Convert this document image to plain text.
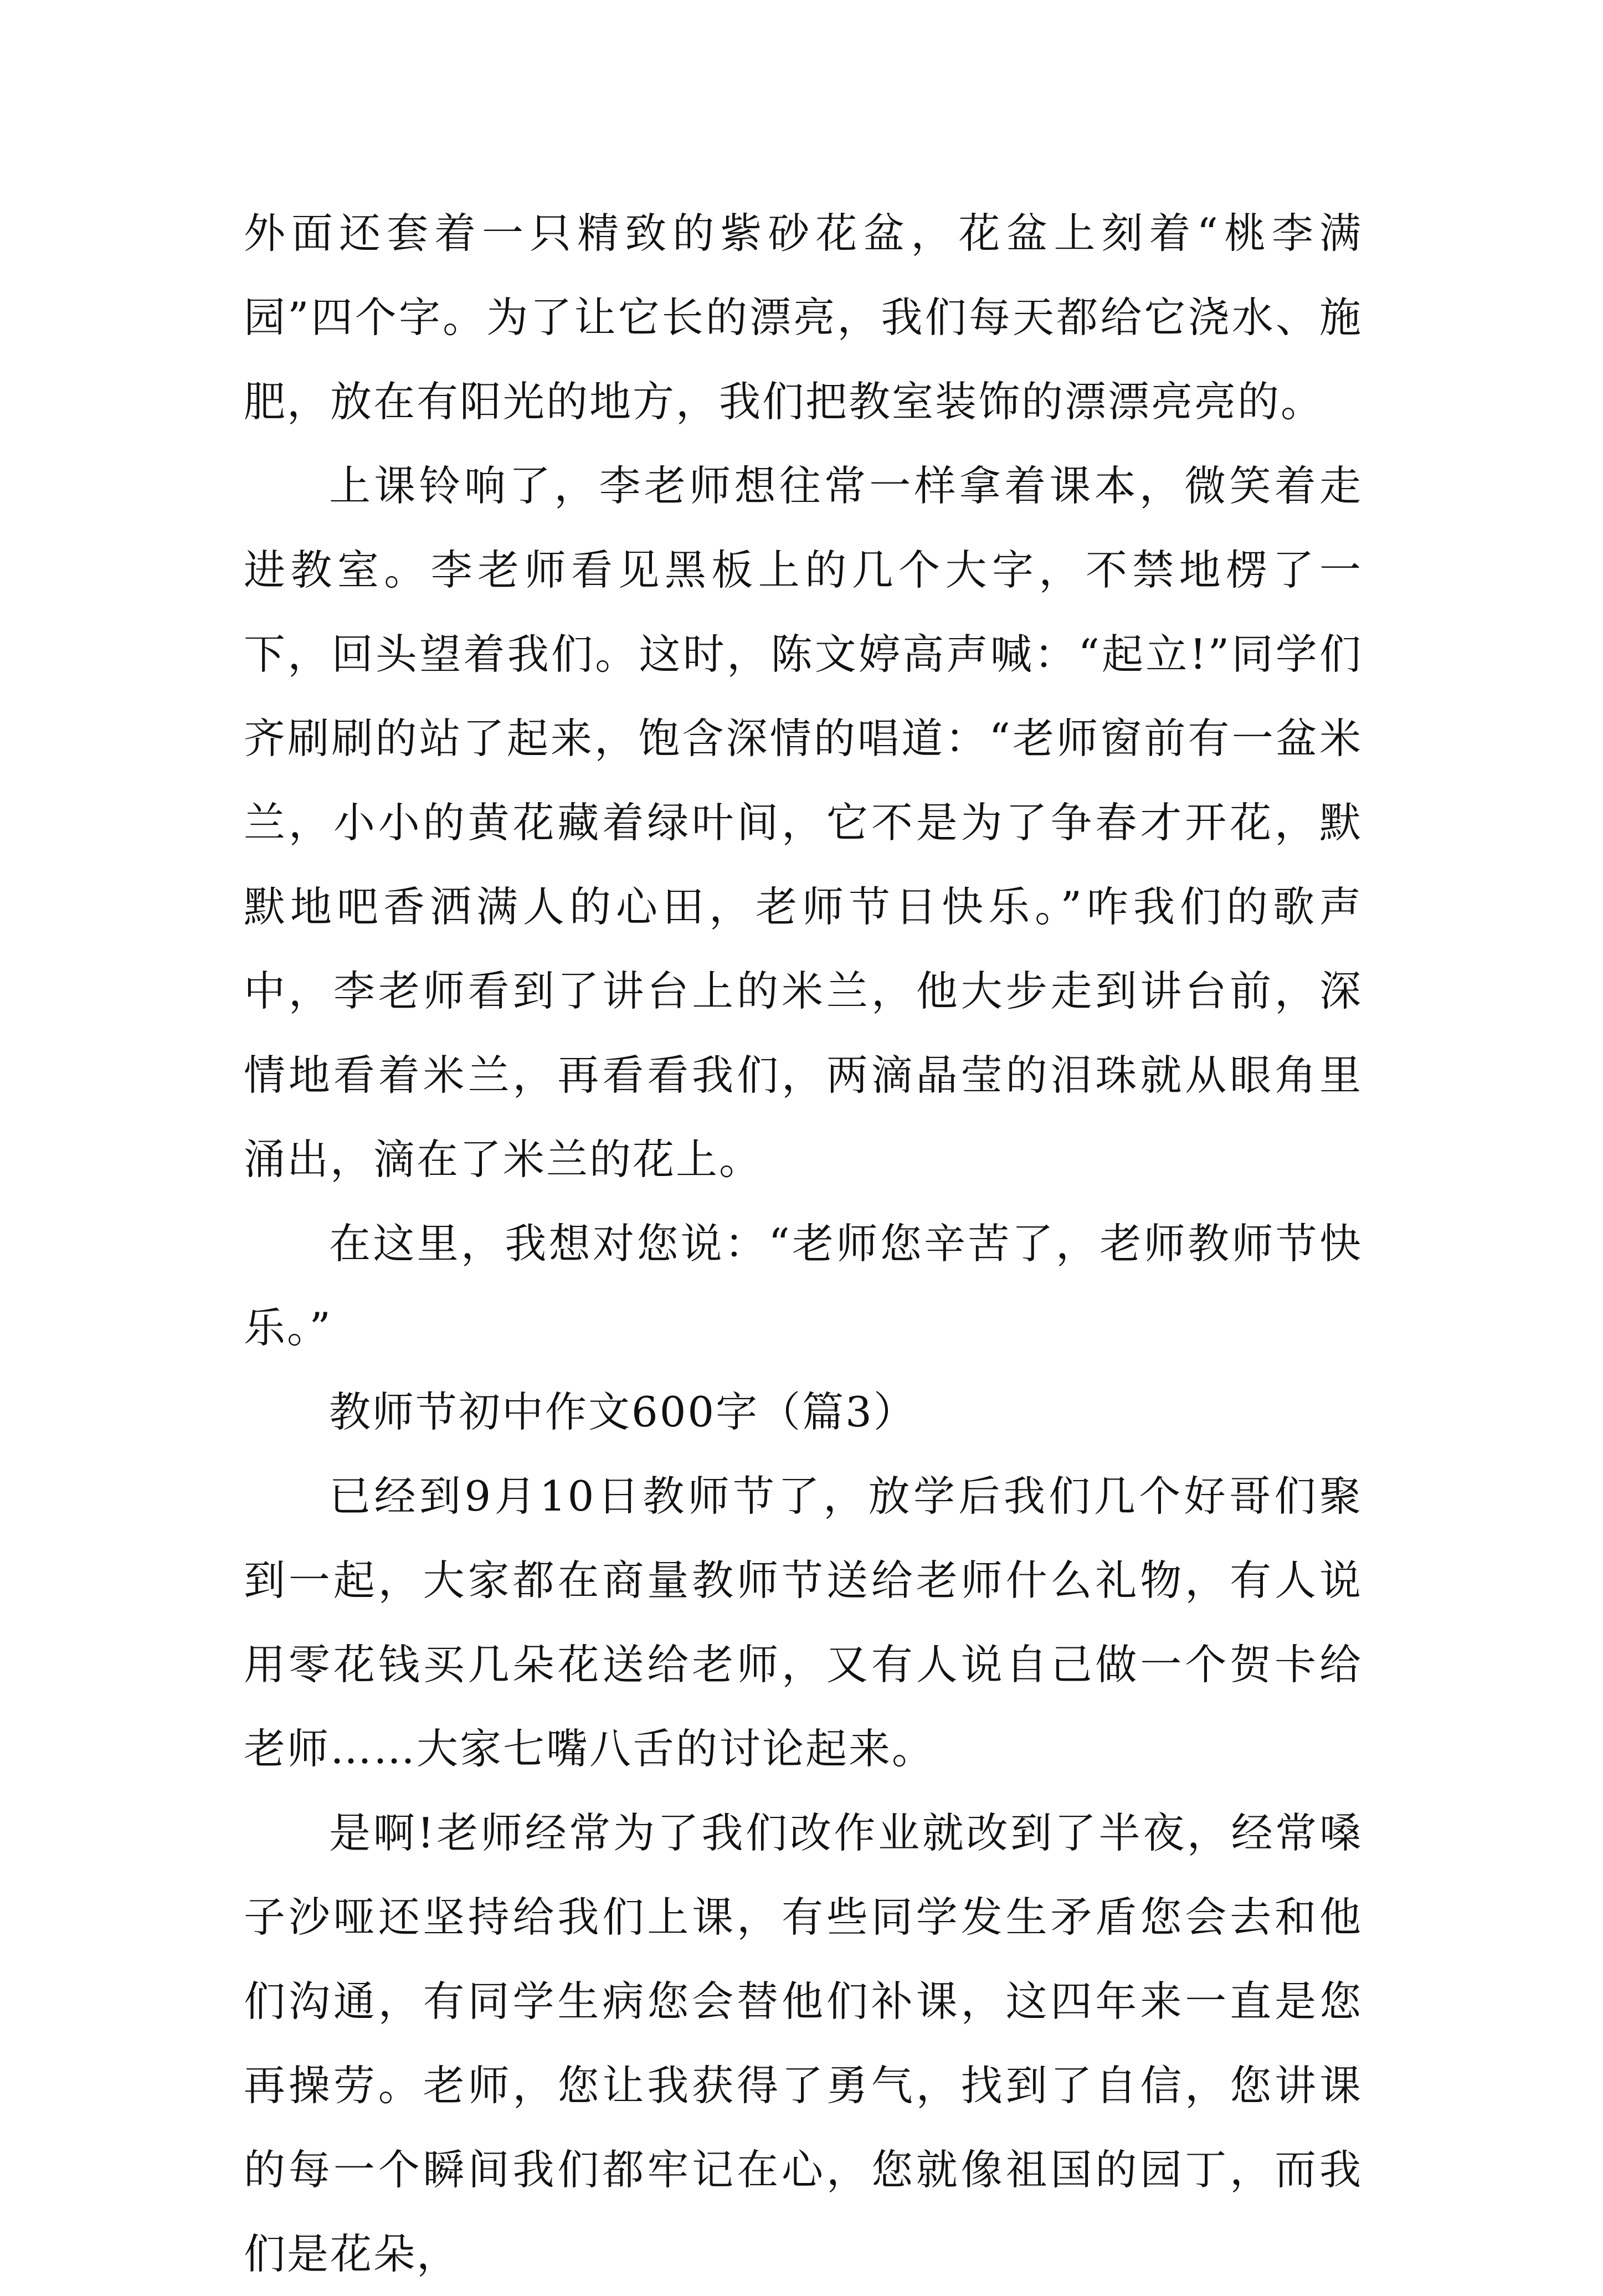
外面还套着一只精致的紫砂花盆，花盆上刻着“桃李满园”四个字。为了让它长的漂亮，我们每天都给它浇水、施肥，放在有阳光的地方，我们把教室装饰的漂漂亮亮的。

上课铃响了，李老师想往常一样拿着课本，微笑着走进教室。李老师看见黑板上的几个大字，不禁地楞了一下，回头望着我们。这时，陈文婷高声喊：“起立!”同学们齐刷刷的站了起来，饱含深情的唱道：“老师窗前有一盆米兰，小小的黄花藏着绿叶间，它不是为了争春才开花，默默地吧香洒满人的心田，老师节日快乐。”咋我们的歌声中，李老师看到了讲台上的米兰，他大步走到讲台前，深情地看着米兰，再看看我们，两滴晶莹的泪珠就从眼角里涌出，滴在了米兰的花上。

在这里，我想对您说：“老师您辛苦了，老师教师节快乐。”

教师节初中作文600字（篇3）

已经到9月10日教师节了，放学后我们几个好哥们聚到一起，大家都在商量教师节送给老师什么礼物，有人说用零花钱买几朵花送给老师，又有人说自己做一个贺卡给老师……大家七嘴八舌的讨论起来。

是啊!老师经常为了我们改作业就改到了半夜，经常嗓子沙哑还坚持给我们上课，有些同学发生矛盾您会去和他们沟通，有同学生病您会替他们补课，这四年来一直是您再操劳。老师，您让我获得了勇气，找到了自信，您讲课的每一个瞬间我们都牢记在心，您就像祖国的园丁，而我们是花朵，
